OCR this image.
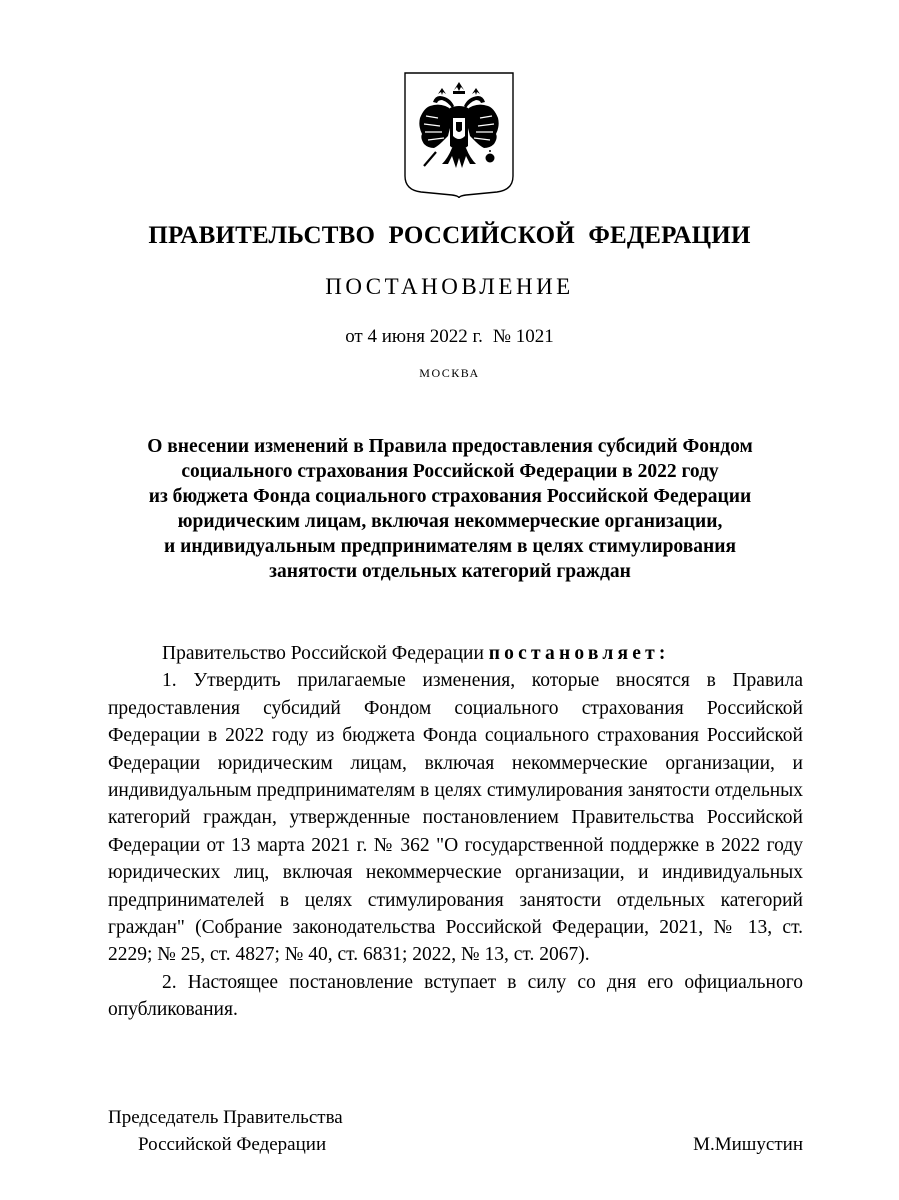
ПРАВИТЕЛЬСТВО РОССИЙСКОЙ ФЕДЕРАЦИИ
ПОСТАНОВЛЕНИЕ
от 4 июня 2022 г. № 1021
МОСКВА
О внесении изменений в Правила предоставления субсидий Фондом
социального страхования Российской Федерации в 2022 году
из бюджета Фонда социального страхования Российской Федерации
юридическим лицам, включая некоммерческие организации,
и индивидуальным предпринимателям в целях стимулирования
занятости отдельных категорий граждан
Правительство Российской Федерации постановляет:

1. Утвердить прилагаемые изменения, которые вносятся в Правила предоставления субсидий Фондом социального страхования Российской Федерации в 2022 году из бюджета Фонда социального страхования Российской Федерации юридическим лицам, включая некоммерческие организации, и индивидуальным предпринимателям в целях стимулирования занятости отдельных категорий граждан, утвержденные постановлением Правительства Российской Федерации от 13 марта 2021 г. № 362 "О государственной поддержке в 2022 году юридических лиц, включая некоммерческие организации, и индивидуальных предпринимателей в целях стимулирования занятости отдельных категорий граждан" (Собрание законодательства Российской Федерации, 2021, № 13, ст. 2229; № 25, ст. 4827; № 40, ст. 6831; 2022, № 13, ст. 2067).

2. Настоящее постановление вступает в силу со дня его официального опубликования.

Председатель Правительства
Российской Федерации	М.Мишустин
